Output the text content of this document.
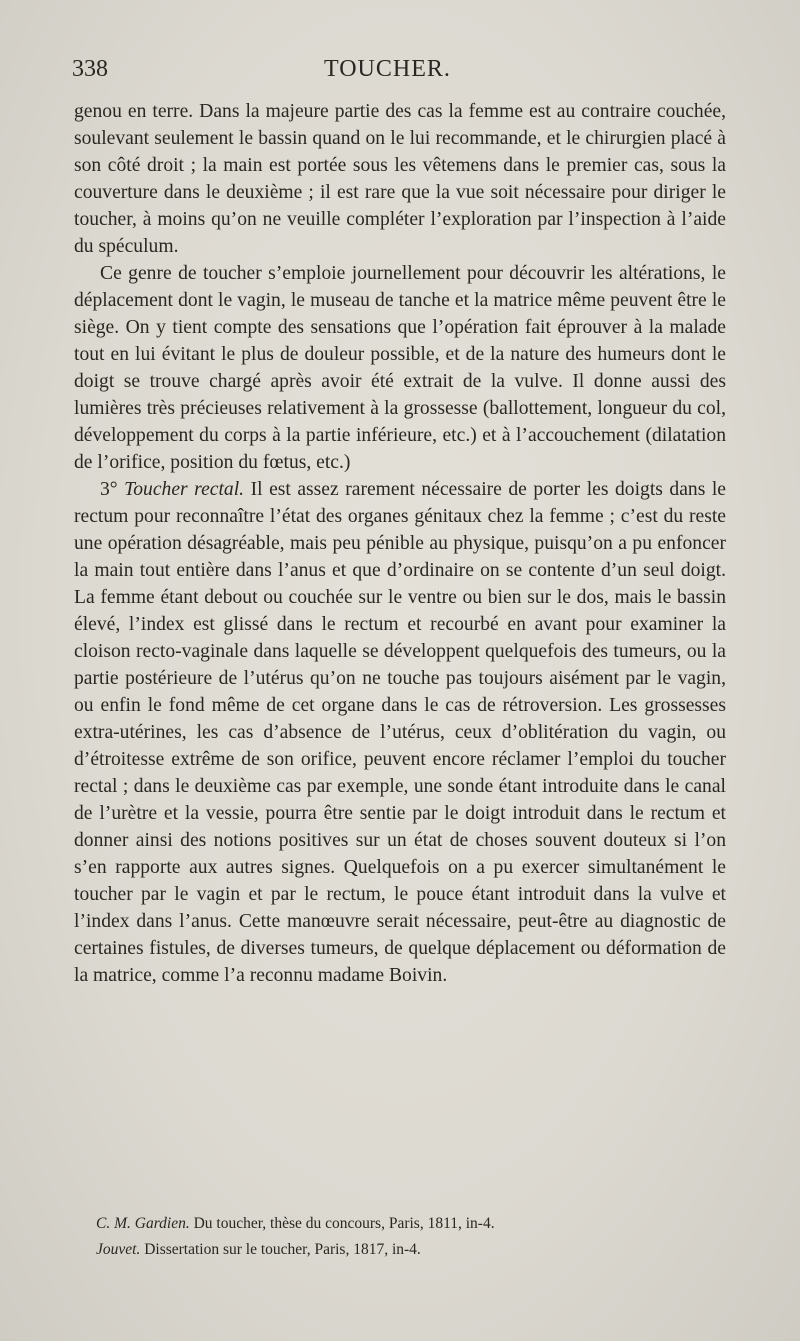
338	TOUCHER.

genou en terre. Dans la majeure partie des cas la femme est au contraire couchée, soulevant seulement le bassin quand on le lui recommande, et le chirurgien placé à son côté droit ; la main est portée sous les vêtemens dans le premier cas, sous la couverture dans le deuxième ; il est rare que la vue soit nécessaire pour diriger le toucher, à moins qu’on ne veuille compléter l’exploration par l’inspection à l’aide du spéculum.

Ce genre de toucher s’emploie journellement pour découvrir les altérations, le déplacement dont le vagin, le museau de tanche et la matrice même peuvent être le siège. On y tient compte des sensations que l’opération fait éprouver à la malade tout en lui évitant le plus de douleur possible, et de la nature des humeurs dont le doigt se trouve chargé après avoir été extrait de la vulve. Il donne aussi des lumières très précieuses relativement à la grossesse (ballottement, longueur du col, développement du corps à la partie inférieure, etc.) et à l’accouchement (dilatation de l’orifice, position du fœtus, etc.)

3° Toucher rectal. Il est assez rarement nécessaire de porter les doigts dans le rectum pour reconnaître l’état des organes génitaux chez la femme ; c’est du reste une opération désagréable, mais peu pénible au physique, puisqu’on a pu enfoncer la main tout entière dans l’anus et que d’ordinaire on se contente d’un seul doigt. La femme étant debout ou couchée sur le ventre ou bien sur le dos, mais le bassin élevé, l’index est glissé dans le rectum et recourbé en avant pour examiner la cloison recto-vaginale dans laquelle se développent quelquefois des tumeurs, ou la partie postérieure de l’utérus qu’on ne touche pas toujours aisément par le vagin, ou enfin le fond même de cet organe dans le cas de rétroversion. Les grossesses extra-utérines, les cas d’absence de l’utérus, ceux d’oblitération du vagin, ou d’étroitesse extrême de son orifice, peuvent encore réclamer l’emploi du toucher rectal ; dans le deuxième cas par exemple, une sonde étant introduite dans le canal de l’urètre et la vessie, pourra être sentie par le doigt introduit dans le rectum et donner ainsi des notions positives sur un état de choses souvent douteux si l’on s’en rapporte aux autres signes. Quelquefois on a pu exercer simultanément le toucher par le vagin et par le rectum, le pouce étant introduit dans la vulve et l’index dans l’anus. Cette manœuvre serait nécessaire, peut-être au diagnostic de certaines fistules, de diverses tumeurs, de quelque déplacement ou déformation de la matrice, comme l’a reconnu madame Boivin.

C. M. Gardien. Du toucher, thèse du concours, Paris, 1811, in-4.
Jouvet. Dissertation sur le toucher, Paris, 1817, in-4.
